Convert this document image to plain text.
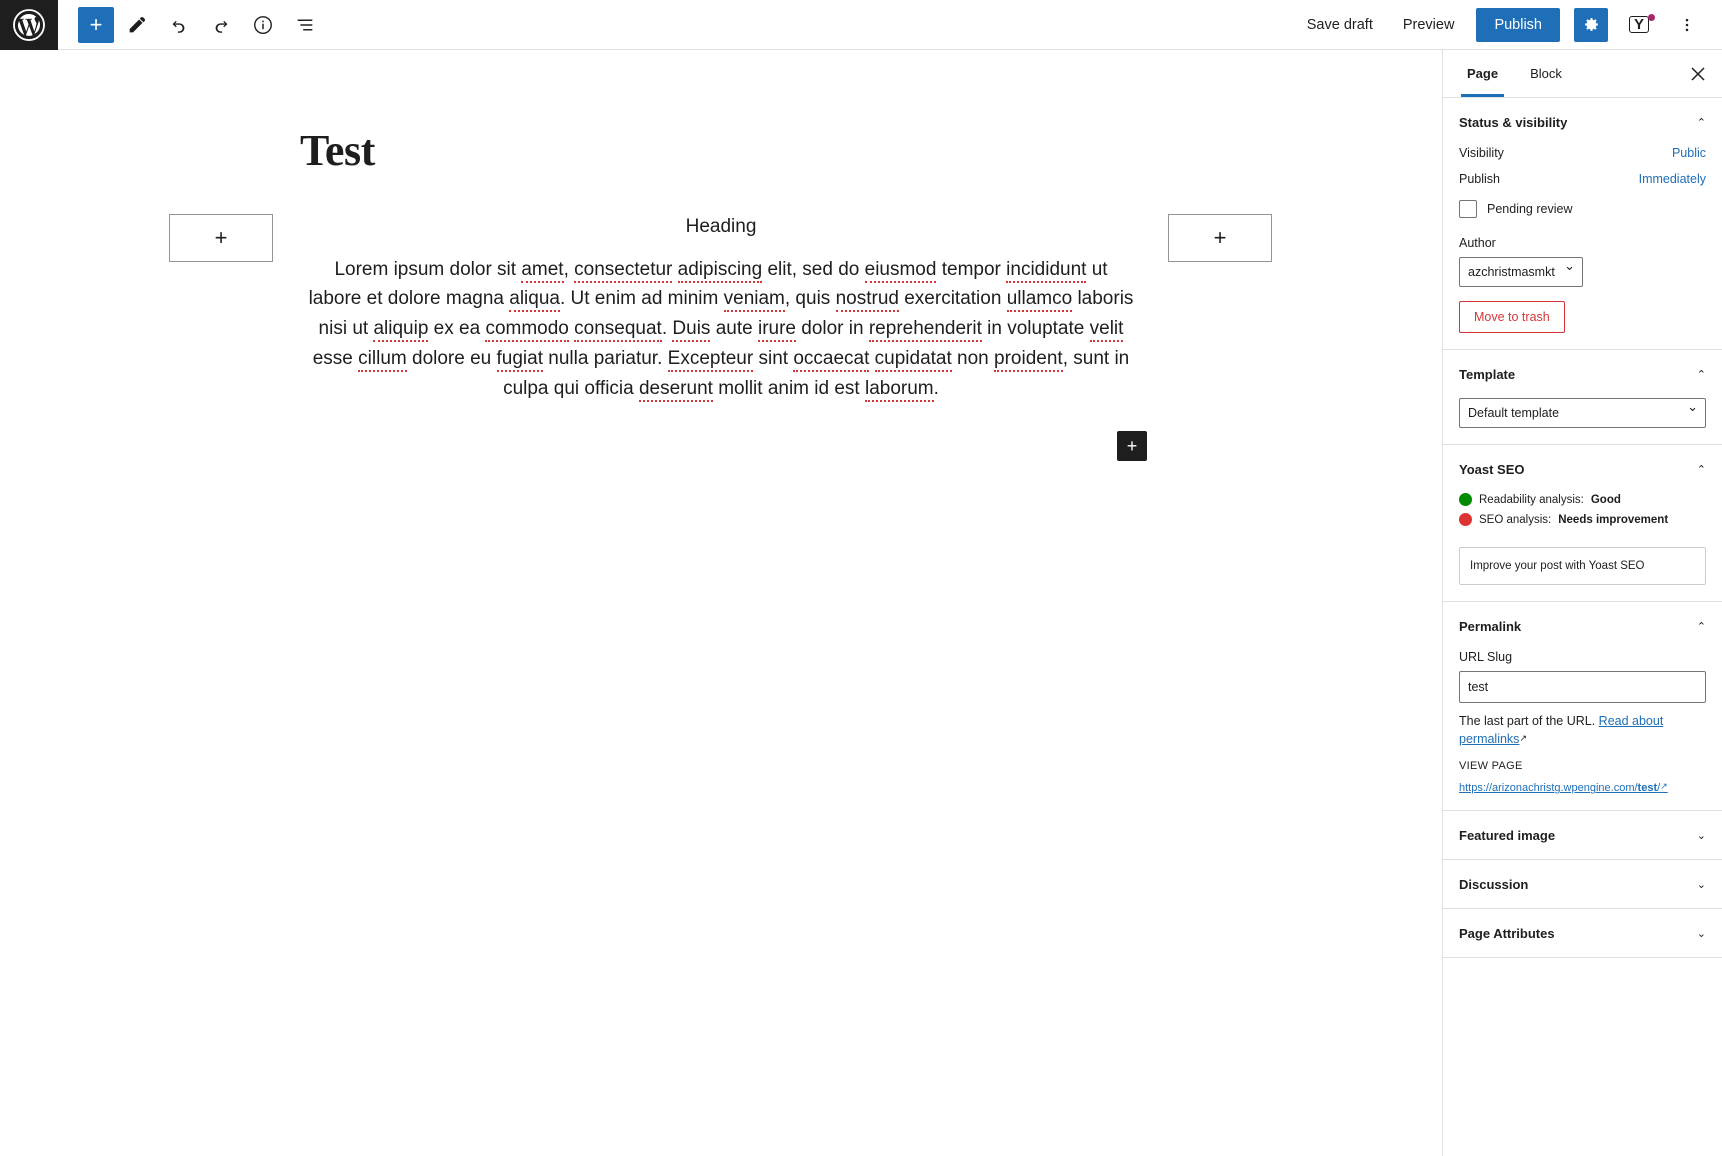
+	Save draft	Preview	Publish	Y
Test
+	+

Heading

Lorem ipsum dolor sit amet, consectetur adipiscing elit, sed do eiusmod tempor incididunt ut labore et dolore magna aliqua. Ut enim ad minim veniam, quis nostrud exercitation ullamco laboris nisi ut aliquip ex ea commodo consequat. Duis aute irure dolor in reprehenderit in voluptate velit esse cillum dolore eu fugiat nulla pariatur. Excepteur sint occaecat cupidatat non proident, sunt in culpa qui officia deserunt mollit anim id est laborum.

+
Page	Block
Status & visibility	⌃
Visibility	Public
Publish	Immediately
Pending review
Author
azchristmasmkt ⌄
Move to trash
Template	⌃
Default template ⌄
Yoast SEO	⌃
Readability analysis: Good
SEO analysis: Needs improvement
Improve your post with Yoast SEO
Permalink	⌃
URL Slug
test
The last part of the URL. Read about permalinks↗
VIEW PAGE
https://arizonachristg.wpengine.com/test/↗
Featured image	⌄
Discussion	⌄
Page Attributes	⌄
